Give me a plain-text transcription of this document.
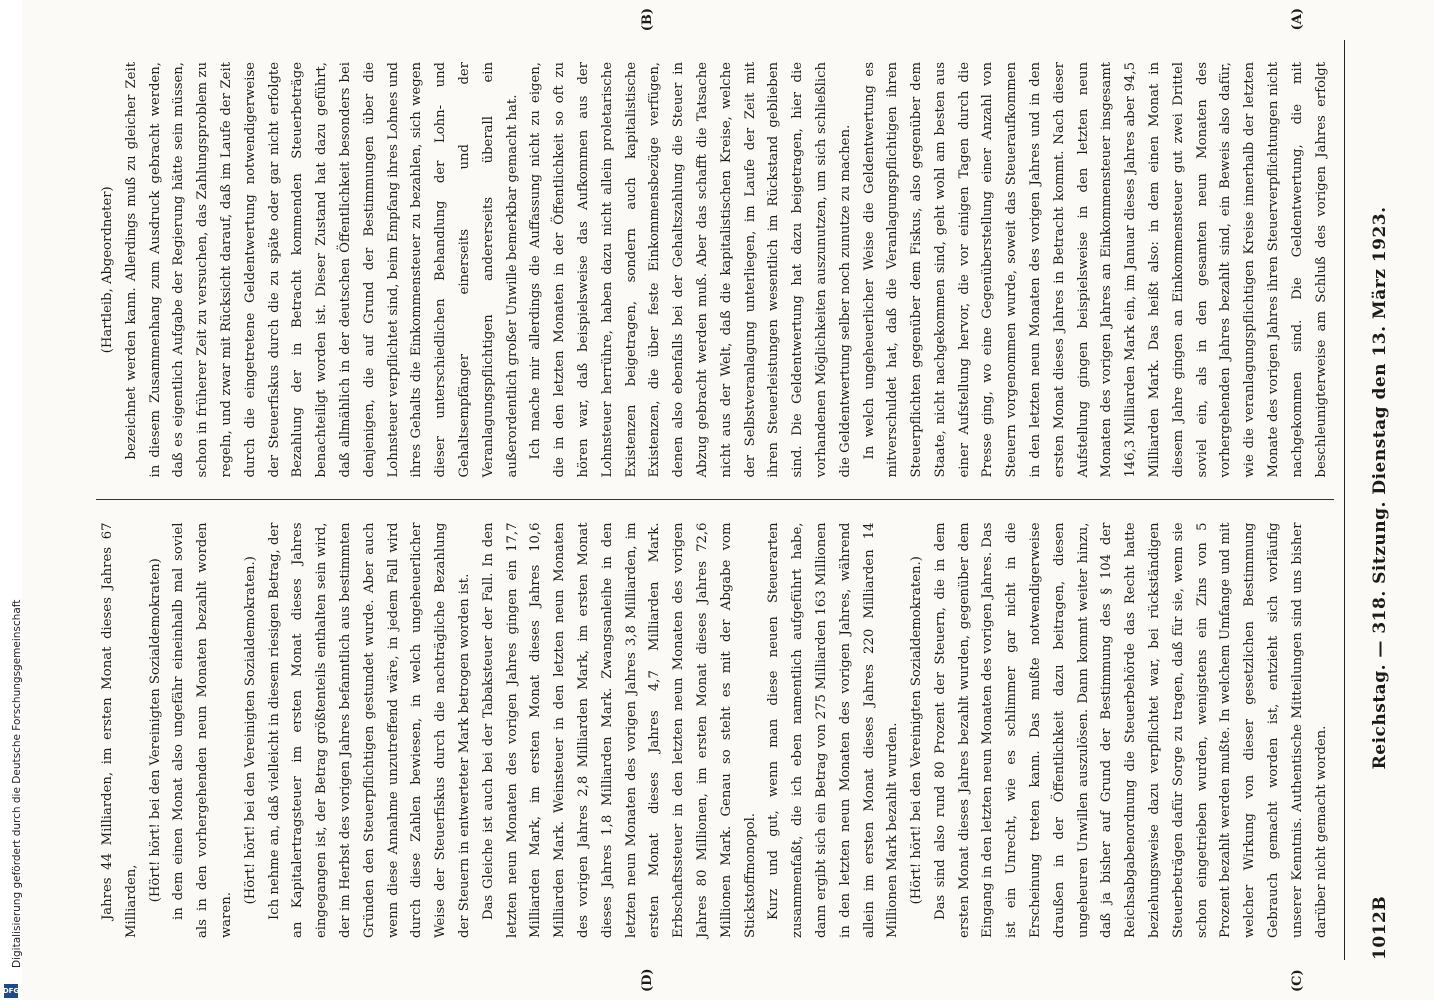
Digitalisierung gefördert durch die Deutsche Forschungsgemeinschaft
DFG
1012B
Reichstag. — 318. Sitzung. Dienstag den 13. März 1923.

Jahres 44 Milliarden, im ersten Monat dieses Jahres 67 Milliarden, (Hört! hört! bei den Vereinigten Sozialdemokraten) in dem einen Monat also ungefähr eineinhalb mal soviel als in den vorhergehenden neun Monaten bezahlt worden waren.

(Hört! hört! bei den Vereinigten Sozialdemokraten.) Ich nehme an, daß vielleicht in diesem riesigen Betrag, der an Kapitalertragsteuer im ersten Monat dieses Jahres eingegangen ist, der Betrag größtenteils enthalten sein wird, der im Herbst des vorigen Jahres befanntlich aus bestimmten Gründen den Steuerpflichtigen gestundet wurde. Aber auch wenn diese Annahme unzutreffend wäre, in jedem Fall wird durch diese Zahlen bewiesen, in welch ungeheuerlicher Weise der Steuerfiskus durch die nachträgliche Bezahlung der Steuern in entwerteter Mark betrogen worden ist. Das Gleiche ist auch bei der Tabaksteuer der Fall. In den letzten neun Monaten des vorigen Jahres gingen ein 17,7 Milliarden Mark, im ersten Monat dieses Jahres 10,6 Milliarden Mark. Weinsteuer in den letzten neun Monaten des vorigen Jahres 2,8 Milliarden Mark, im ersten Monat dieses Jahres 1,8 Milliarden Mark. Zwangsanleihe in den letzten neun Monaten des vorigen Jahres 3,8 Milliarden, im ersten Monat dieses Jahres 4,7 Milliarden Mark. Erbschaftssteuer in den letzten neun Monaten des vorigen Jahres 80 Millionen, im ersten Monat dieses Jahres 72,6 Millionen Mark. Genau so steht es mit der Abgabe vom Stickstoffmonopol. Kurz und gut, wenn man diese neuen Steuerarten zusammenfaßt, die ich eben namentlich aufgeführt habe, dann ergibt sich ein Betrag von 275 Milliarden 163 Millionen in den letzten neun Monaten des vorigen Jahres, während allein im ersten Monat dieses Jahres 220 Milliarden 14 Millionen Mark bezahlt wurden. (Hört! hört! bei den Vereinigten Sozialdemokraten.) Das sind also rund 80 Prozent der Steuern, die in dem ersten Monat dieses Jahres bezahlt wurden, gegenüber dem Eingang in den letzten neun Monaten des vorigen Jahres. Das ist ein Unrecht, wie es schlimmer gar nicht in die Erscheinung treten kann. Das mußte notwendigerweise draußen in der Öffentlichkeit dazu beitragen, diesen ungeheuren Unwillen auszulösen. Dann kommt weiter hinzu, daß ja bisher auf Grund der Bestimmung des § 104 der Reichsabgabenordnung die Steuerbehörde das Recht hatte beziehungsweise dazu verpflichtet war, bei rückständigen Steuerbeträgen dafür Sorge zu tragen, daß für sie, wenn sie schon eingetrieben wurden, wenigstens ein Zins von 5 Prozent bezahlt werden mußte. In welchem Umfange und mit welcher Wirkung von dieser gesetzlichen Bestimmung Gebrauch gemacht worden ist, entzieht sich vorläufig unserer Kenntnis. Authentische Mitteilungen sind uns bisher darüber nicht gemacht worden.

(Hartleib, Abgeordneter) bezeichnet werden kann. Allerdings muß zu gleicher Zeit in diesem Zusammenhang zum Ausdruck gebracht werden, daß es eigentlich Aufgabe der Regierung hätte sein müssen, schon in früherer Zeit zu versuchen, das Zahlungsproblem zu regeln, und zwar mit Rücksicht darauf, daß im Laufe der Zeit durch die eingetretene Geldentwertung notwendigerweise der Steuerfiskus durch die zu späte oder gar nicht erfolgte Bezahlung der in Betracht kommenden Steuerbeträge benachteiligt worden ist. Dieser Zustand hat dazu geführt, daß allmählich in der deutschen Öffentlichkeit besonders bei denjenigen, die auf Grund der Bestimmungen über die Lohnsteuer verpflichtet sind, beim Empfang ihres Lohnes und ihres Gehalts die Einkommensteuer zu bezahlen, sich wegen dieser unterschiedlichen Behandlung der Lohn- und Gehaltsempfänger einerseits und der Veranlagungspflichtigen andererseits überall ein außerordentlich großer Unwille bemerkbar gemacht hat. Ich mache mir allerdings die Auffassung nicht zu eigen, die in den letzten Monaten in der Öffentlichkeit so oft zu hören war, daß beispielsweise das Aufkommen aus der Lohnsteuer herrühre, haben dazu nicht allein proletarische Existenzen beigetragen, sondern auch kapitalistische Existenzen, die über feste Einkommensbezüge verfügen, denen also ebenfalls bei der Gehaltszahlung die Steuer in Abzug gebracht werden muß. Aber das schafft die Tatsache nicht aus der Welt, daß die kapitalistischen Kreise, welche der Selbstveranlagung unterliegen, im Laufe der Zeit mit ihren Steuerleistungen wesentlich im Rückstand geblieben sind. Die Geldentwertung hat dazu beigetragen, hier die vorhandenen Möglichkeiten auszunutzen, um sich schließlich die Geldentwertung selber noch zunutze zu machen. In welch ungeheuerlicher Weise die Geldentwertung es mitverschuldet hat, daß die Veranlagungspflichtigen ihren Steuerpflichten gegenüber dem Fiskus, also gegenüber dem Staate, nicht nachgekommen sind, geht wohl am besten aus einer Aufstellung hervor, die vor einigen Tagen durch die Presse ging, wo eine Gegenüberstellung einer Anzahl von Steuern vorgenommen wurde, soweit das Steueraufkommen in den letzten neun Monaten des vorigen Jahres und in den ersten Monat dieses Jahres in Betracht kommt. Nach dieser Aufstellung gingen beispielsweise in den letzten neun Monaten des vorigen Jahres an Einkommensteuer insgesamt 146,3 Milliarden Mark ein, im Januar dieses Jahres aber 94,5 Milliarden Mark. Das heißt also: in dem einen Monat in diesem Jahre gingen an Einkommensteuer gut zwei Drittel soviel ein, als in den gesamten neun Monaten des vorhergehenden Jahres bezahlt sind, ein Beweis also dafür, wie die veranlagungspflichtigen Kreise innerhalb der letzten Monate des vorigen Jahres ihren Steuerverpflichtungen nicht nachgekommen sind. Die Geldentwertung, die mit beschleunigterweise am Schluß des vorigen Jahres erfolgt

(C)
(D)
(A)
(B)
